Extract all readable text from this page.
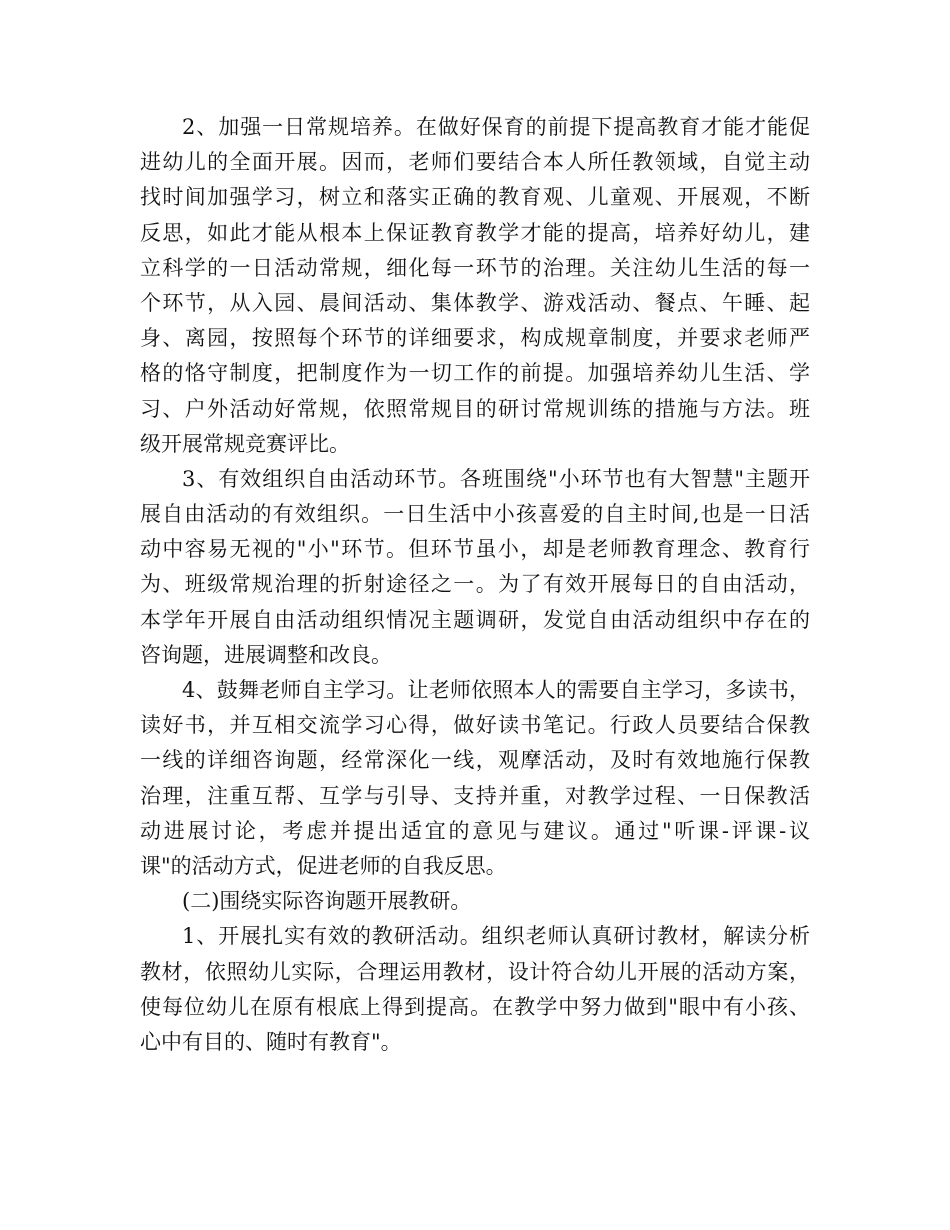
2、加强一日常规培养。在做好保育的前提下提高教育才能才能促
进幼儿的全面开展。因而，老师们要结合本人所任教领域，自觉主动
找时间加强学习，树立和落实正确的教育观、儿童观、开展观，不断
反思，如此才能从根本上保证教育教学才能的提高，培养好幼儿，建
立科学的一日活动常规，细化每一环节的治理。关注幼儿生活的每一
个环节，从入园、晨间活动、集体教学、游戏活动、餐点、午睡、起
身、离园，按照每个环节的详细要求，构成规章制度，并要求老师严
格的恪守制度，把制度作为一切工作的前提。加强培养幼儿生活、学
习、户外活动好常规，依照常规目的研讨常规训练的措施与方法。班
级开展常规竞赛评比。
3、有效组织自由活动环节。各班围绕"小环节也有大智慧"主题开
展自由活动的有效组织。一日生活中小孩喜爱的自主时间,也是一日活
动中容易无视的"小"环节。但环节虽小，却是老师教育理念、教育行
为、班级常规治理的折射途径之一。为了有效开展每日的自由活动，
本学年开展自由活动组织情况主题调研，发觉自由活动组织中存在的
咨询题，进展调整和改良。
4、鼓舞老师自主学习。让老师依照本人的需要自主学习，多读书，
读好书，并互相交流学习心得，做好读书笔记。行政人员要结合保教
一线的详细咨询题，经常深化一线，观摩活动，及时有效地施行保教
治理，注重互帮、互学与引导、支持并重，对教学过程、一日保教活
动进展讨论，考虑并提出适宜的意见与建议。通过"听课-评课-议
课"的活动方式，促进老师的自我反思。
(二)围绕实际咨询题开展教研。
1、开展扎实有效的教研活动。组织老师认真研讨教材，解读分析
教材，依照幼儿实际，合理运用教材，设计符合幼儿开展的活动方案，
使每位幼儿在原有根底上得到提高。在教学中努力做到"眼中有小孩、
心中有目的、随时有教育"。
